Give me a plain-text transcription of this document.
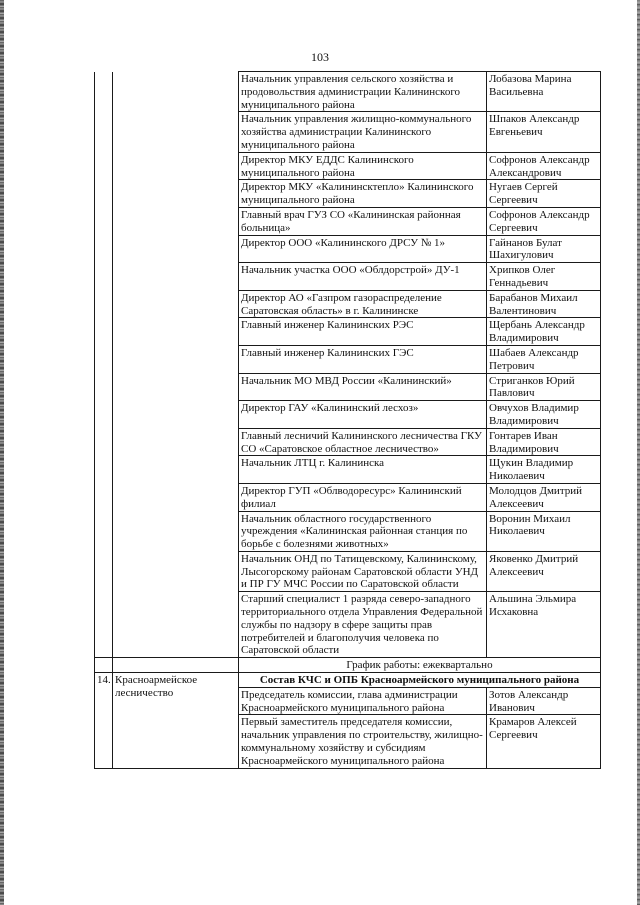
103
		Начальник управления сельского хозяйства и продовольствия администрации Калининского муниципального района	Лобазова Марина Васильевна
		Начальник управления жилищно-коммунального хозяйства администрации Калининского муниципального района	Шпаков Александр Евгеньевич
		Директор МКУ ЕДДС Калининского муниципального района	Софронов Александр Александрович
		Директор МКУ «Калининсктепло» Калининского муниципального района	Нугаев Сергей Сергеевич
		Главный врач ГУЗ СО «Калининская районная больница»	Софронов Александр Сергеевич
		Директор ООО «Калининского ДРСУ № 1»	Гайнанов Булат Шахигулович
		Начальник участка ООО «Облдорстрой» ДУ-1	Хрипков Олег Геннадьевич
		Директор АО «Газпром газораспределение Саратовская область» в г. Калининске	Барабанов Михаил Валентинович
		Главный инженер Калининских РЭС	Щербань Александр Владимирович
		Главный инженер Калининских ГЭС	Шабаев Александр Петрович
		Начальник МО МВД России «Калининский»	Стриганков Юрий Павлович
		Директор ГАУ «Калининский лесхоз»	Овчухов Владимир Владимирович
		Главный лесничий Калининского лесничества ГКУ СО «Саратовское областное лесничество»	Гонтарев Иван Владимирович
		Начальник ЛТЦ г. Калининска	Щукин Владимир Николаевич
		Директор ГУП «Облводоресурс» Калининский филиал	Молодцов Дмитрий Алексеевич
		Начальник областного государственного учреждения «Калининская районная станция по борьбе с болезнями животных»	Воронин Михаил Николаевич
		Начальник ОНД по Татищевскому, Калининскому, Лысогорскому районам Саратовской области УНД и ПР ГУ МЧС России по Саратовской области	Яковенко Дмитрий Алексеевич
		Старший специалист 1 разряда северо-западного территориального отдела Управления Федеральной службы по надзору в сфере защиты прав потребителей и благополучия человека по Саратовской области	Альшина Эльмира Исхаковна
		График работы: ежеквартально	
14.	Красноармейское лесничество	Состав КЧС и ОПБ Красноармейского муниципального района	
		Председатель комиссии, глава администрации Красноармейского муниципального района	Зотов Александр Иванович
		Первый заместитель председателя комиссии, начальник управления по строительству, жилищно-коммунальному хозяйству и субсидиям Красноармейского муниципального района	Крамаров Алексей Сергеевич
